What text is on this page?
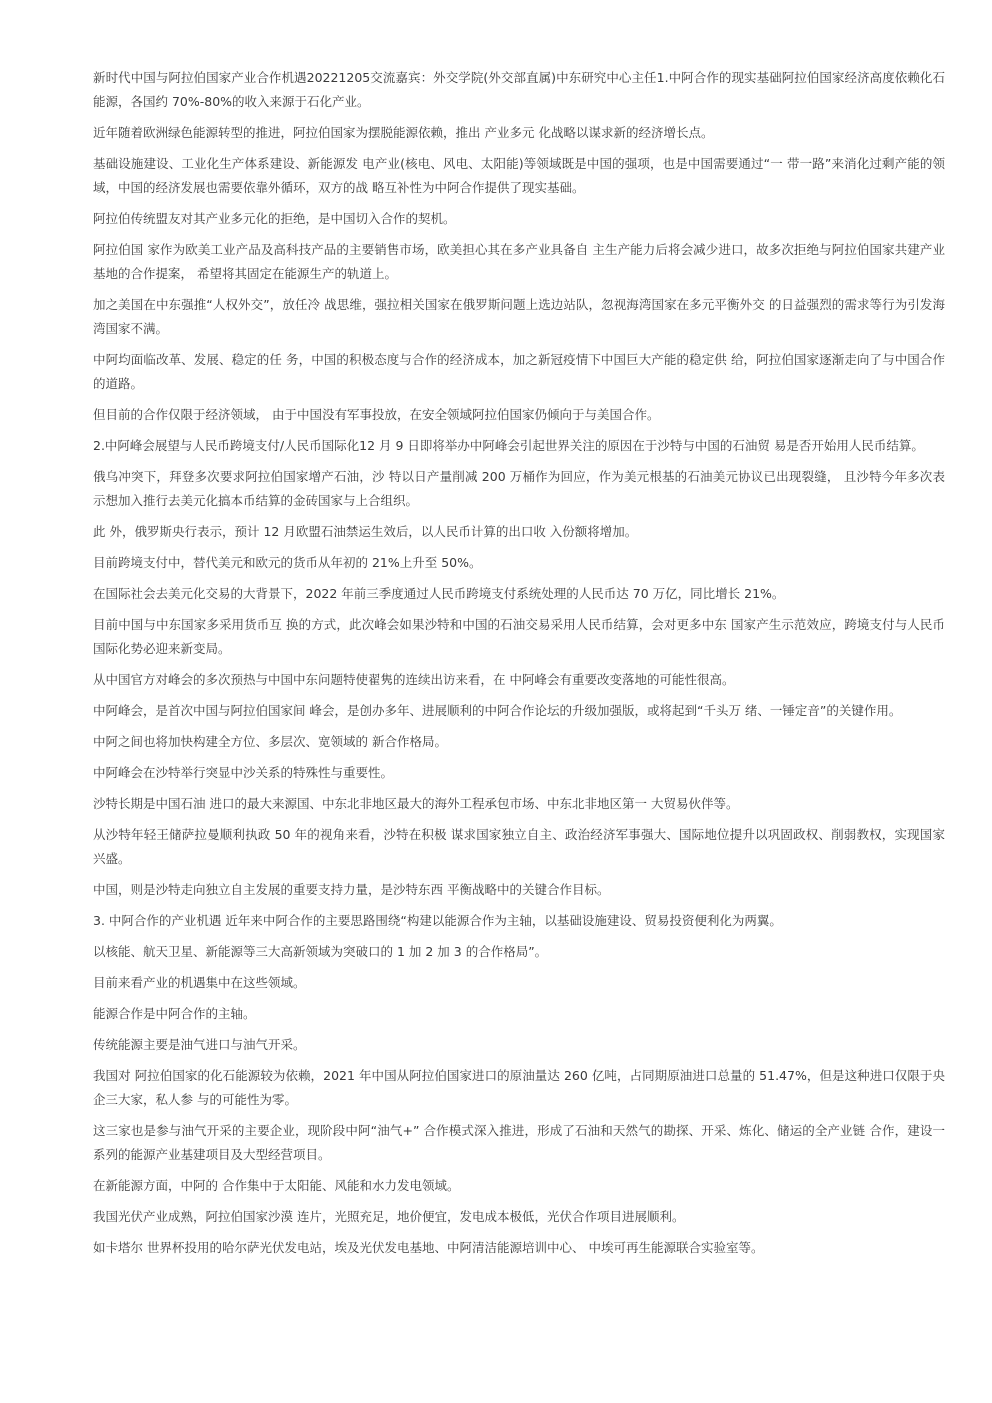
新时代中国与阿拉伯国家产业合作机遇20221205交流嘉宾：外交学院(外交部直属)中东研究中心主任1.中阿合作的现实基础阿拉伯国家经济高度依赖化石能源，各国约 70%-80%的收入来源于石化产业。

近年随着欧洲绿色能源转型的推进，阿拉伯国家为摆脱能源依赖，推出 产业多元 化战略以谋求新的经济增长点。

基础设施建设、工业化生产体系建设、新能源发 电产业(核电、风电、太阳能)等领域既是中国的强项，也是中国需要通过“一 带一路”来消化过剩产能的领域，中国的经济发展也需要依靠外循环，双方的战 略互补性为中阿合作提供了现实基础。

阿拉伯传统盟友对其产业多元化的拒绝，是中国切入合作的契机。

阿拉伯国 家作为欧美工业产品及高科技产品的主要销售市场，欧美担心其在多产业具备自 主生产能力后将会减少进口，故多次拒绝与阿拉伯国家共建产业基地的合作提案， 希望将其固定在能源生产的轨道上。

加之美国在中东强推“人权外交”，放任冷 战思维，强拉相关国家在俄罗斯问题上选边站队，忽视海湾国家在多元平衡外交 的日益强烈的需求等行为引发海湾国家不满。

中阿均面临改革、发展、稳定的任 务，中国的积极态度与合作的经济成本，加之新冠疫情下中国巨大产能的稳定供 给，阿拉伯国家逐渐走向了与中国合作的道路。

但目前的合作仅限于经济领域， 由于中国没有军事投放，在安全领域阿拉伯国家仍倾向于与美国合作。

2.中阿峰会展望与人民币跨境支付/人民币国际化12 月 9 日即将举办中阿峰会引起世界关注的原因在于沙特与中国的石油贸 易是否开始用人民币结算。

俄乌冲突下，拜登多次要求阿拉伯国家增产石油，沙 特以日产量削减 200 万桶作为回应，作为美元根基的石油美元协议已出现裂缝， 且沙特今年多次表示想加入推行去美元化搞本币结算的金砖国家与上合组织。

此 外，俄罗斯央行表示，预计 12 月欧盟石油禁运生效后，以人民币计算的出口收 入份额将增加。

目前跨境支付中，替代美元和欧元的货币从年初的 21%上升至 50%。

在国际社会去美元化交易的大背景下，2022 年前三季度通过人民币跨境支付系统处理的人民币达 70 万亿，同比增长 21%。

目前中国与中东国家多采用货币互 换的方式，此次峰会如果沙特和中国的石油交易采用人民币结算，会对更多中东 国家产生示范效应，跨境支付与人民币国际化势必迎来新变局。

从中国官方对峰会的多次预热与中国中东问题特使翟隽的连续出访来看，在 中阿峰会有重要改变落地的可能性很高。

中阿峰会，是首次中国与阿拉伯国家间 峰会，是创办多年、进展顺利的中阿合作论坛的升级加强版，或将起到“千头万 绪、一锤定音”的关键作用。

中阿之间也将加快构建全方位、多层次、宽领域的 新合作格局。

中阿峰会在沙特举行突显中沙关系的特殊性与重要性。

沙特长期是中国石油 进口的最大来源国、中东北非地区最大的海外工程承包市场、中东北非地区第一 大贸易伙伴等。

从沙特年轻王储萨拉曼顺利执政 50 年的视角来看，沙特在积极 谋求国家独立自主、政治经济军事强大、国际地位提升以巩固政权、削弱教权，实现国家兴盛。

中国，则是沙特走向独立自主发展的重要支持力量，是沙特东西 平衡战略中的关键合作目标。

3. 中阿合作的产业机遇 近年来中阿合作的主要思路围绕“构建以能源合作为主轴，以基础设施建设、贸易投资便利化为两翼。

以核能、航天卫星、新能源等三大高新领域为突破口的 1 加 2 加 3 的合作格局”。

目前来看产业的机遇集中在这些领域。

能源合作是中阿合作的主轴。

传统能源主要是油气进口与油气开采。

我国对 阿拉伯国家的化石能源较为依赖，2021 年中国从阿拉伯国家进口的原油量达 260 亿吨，占同期原油进口总量的 51.47%，但是这种进口仅限于央企三大家，私人参 与的可能性为零。

这三家也是参与油气开采的主要企业，现阶段中阿“油气+” 合作模式深入推进，形成了石油和天然气的勘探、开采、炼化、储运的全产业链 合作，建设一系列的能源产业基建项目及大型经营项目。

在新能源方面，中阿的 合作集中于太阳能、风能和水力发电领域。

我国光伏产业成熟，阿拉伯国家沙漠 连片，光照充足，地价便宜，发电成本极低，光伏合作项目进展顺利。

如卡塔尔 世界杯投用的哈尔萨光伏发电站，埃及光伏发电基地、中阿清洁能源培训中心、 中埃可再生能源联合实验室等。
